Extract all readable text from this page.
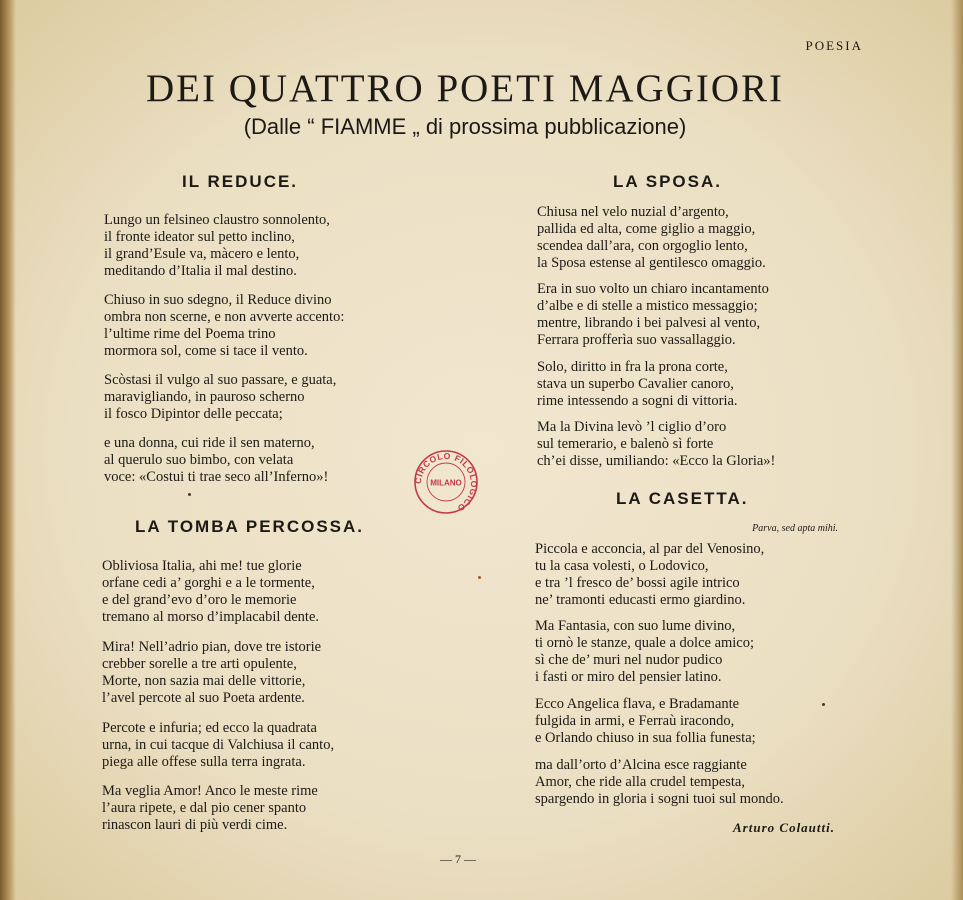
POESIA
DEI QUATTRO POETI MAGGIORI
(Dalle “ FIAMME „ di prossima pubblicazione)
IL REDUCE.
Lungo un felsineo claustro sonnolento,
il fronte ideator sul petto inclino,
il grand’Esule va, màcero e lento,
meditando d’Italia il mal destino.
Chiuso in suo sdegno, il Reduce divino
ombra non scerne, e non avverte accento:
l’ultime rime del Poema trino
mormora sol, come si tace il vento.
Scòstasi il vulgo al suo passare, e guata,
maravigliando, in pauroso scherno
il fosco Dipintor delle peccata;
e una donna, cui ride il sen materno,
al querulo suo bimbo, con velata
voce: «Costui ti trae seco all’Inferno»!
LA TOMBA PERCOSSA.
Obliviosa Italia, ahi me! tue glorie
orfane cedi a’ gorghi e a le tormente,
e del grand’evo d’oro le memorie
tremano al morso d’implacabil dente.
Mira! Nell’adrio pian, dove tre istorie
crebber sorelle a tre arti opulente,
Morte, non sazia mai delle vittorie,
l’avel percote al suo Poeta ardente.
Percote e infuria; ed ecco la quadrata
urna, in cui tacque di Valchiusa il canto,
piega alle offese sulla terra ingrata.
Ma veglia Amor! Anco le meste rime
l’aura ripete, e dal pio cener spanto
rinascon lauri di più verdi cime.
LA SPOSA.
Chiusa nel velo nuzial d’argento,
pallida ed alta, come giglio a maggio,
scendea dall’ara, con orgoglio lento,
la Sposa estense al gentilesco omaggio.
Era in suo volto un chiaro incantamento
d’albe e di stelle a mistico messaggio;
mentre, librando i bei palvesi al vento,
Ferrara profferìa suo vassallaggio.
Solo, diritto in fra la prona corte,
stava un superbo Cavalier canoro,
rime intessendo a sogni di vittoria.
Ma la Divina levò ’l ciglio d’oro
sul temerario, e balenò sì forte
ch’ei disse, umiliando: «Ecco la Gloria»!
LA CASETTA.
Parva, sed apta mihi.
Piccola e acconcia, al par del Venosino,
tu la casa volesti, o Lodovico,
e tra ’l fresco de’ bossi agile intrico
ne’ tramonti educasti ermo giardino.
Ma Fantasia, con suo lume divino,
ti ornò le stanze, quale a dolce amico;
sì che de’ muri nel nudor pudico
i fasti or miro del pensier latino.
Ecco Angelica flava, e Bradamante
fulgida in armi, e Ferraù iracondo,
e Orlando chiuso in sua follia funesta;
ma dall’orto d’Alcina esce raggiante
Amor, che ride alla crudel tempesta,
spargendo in gloria i sogni tuoi sul mondo.
Arturo Colautti.
— 7 —
CIRCOLO FILOLOGICO
MILANO
